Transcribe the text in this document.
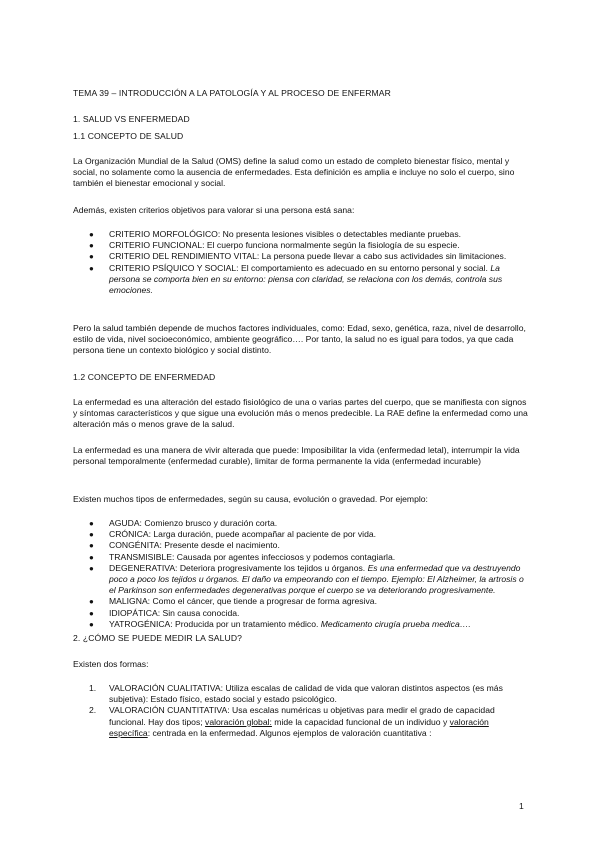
TEMA 39 – INTRODUCCIÓN A LA PATOLOGÍA Y AL PROCESO DE ENFERMAR

1. SALUD VS ENFERMEDAD

1.1 CONCEPTO DE SALUD

La Organización Mundial de la Salud (OMS) define la salud como un estado de completo bienestar físico, mental y social, no solamente como la ausencia de enfermedades. Esta definición es amplia e incluye no solo el cuerpo, sino también el bienestar emocional y social.

Además, existen criterios objetivos para valorar si una persona está sana:

● CRITERIO MORFOLÓGICO: No presenta lesiones visibles o detectables mediante pruebas.
● CRITERIO FUNCIONAL: El cuerpo funciona normalmente según la fisiología de su especie.
● CRITERIO DEL RENDIMIENTO VITAL: La persona puede llevar a cabo sus actividades sin limitaciones.
● CRITERIO PSÍQUICO Y SOCIAL: El comportamiento es adecuado en su entorno personal y social. La persona se comporta bien en su entorno: piensa con claridad, se relaciona con los demás, controla sus emociones.

Pero la salud también depende de muchos factores individuales, como: Edad, sexo, genética, raza, nivel de desarrollo, estilo de vida, nivel socioeconómico, ambiente geográfico…. Por tanto, la salud no es igual para todos, ya que cada persona tiene un contexto biológico y social distinto.

1.2 CONCEPTO DE ENFERMEDAD

La enfermedad es una alteración del estado fisiológico de una o varias partes del cuerpo, que se manifiesta con signos y síntomas característicos y que sigue una evolución más o menos predecible. La RAE define la enfermedad como una alteración más o menos grave de la salud.

La enfermedad es una manera de vivir alterada que puede: Imposibilitar la vida (enfermedad letal), interrumpir la vida personal temporalmente (enfermedad curable), limitar de forma permanente la vida (enfermedad incurable)

Existen muchos tipos de enfermedades, según su causa, evolución o gravedad. Por ejemplo:

● AGUDA: Comienzo brusco y duración corta.
● CRÓNICA: Larga duración, puede acompañar al paciente de por vida.
● CONGÉNITA: Presente desde el nacimiento.
● TRANSMISIBLE: Causada por agentes infecciosos y podemos contagiarla.
● DEGENERATIVA: Deteriora progresivamente los tejidos u órganos. Es una enfermedad que va destruyendo poco a poco los tejidos u órganos. El daño va empeorando con el tiempo. Ejemplo: El Alzheimer, la artrosis o el Parkinson son enfermedades degenerativas porque el cuerpo se va deteriorando progresivamente.
● MALIGNA: Como el cáncer, que tiende a progresar de forma agresiva.
● IDIOPÁTICA: Sin causa conocida.
● YATROGÉNICA: Producida por un tratamiento médico. Medicamento cirugía prueba medica….

2. ¿CÓMO SE PUEDE MEDIR LA SALUD?

Existen dos formas:

1. VALORACIÓN CUALITATIVA: Utiliza escalas de calidad de vida que valoran distintos aspectos (es más subjetiva): Estado físico, estado social y estado psicológico.
2. VALORACIÓN CUANTITATIVA: Usa escalas numéricas u objetivas para medir el grado de capacidad funcional. Hay dos tipos; valoración global: mide la capacidad funcional de un individuo y valoración específica: centrada en la enfermedad. Algunos ejemplos de valoración cuantitativa :
1
